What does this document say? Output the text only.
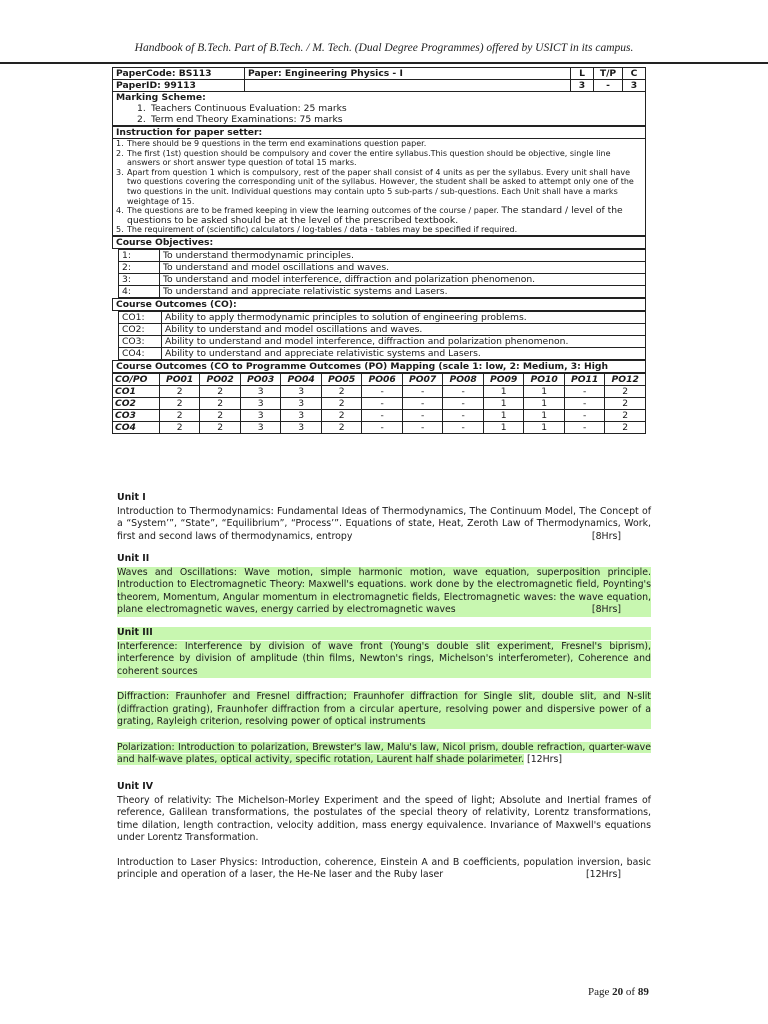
Handbook of B.Tech. Part of B.Tech. / M. Tech. (Dual Degree Programmes) offered by USICT in its campus.
PaperCode: BS113	Paper: Engineering Physics - I	L	T/P	C
PaperID: 99113		3	-	3
Marking Scheme:
1. Teachers Continuous Evaluation: 25 marks
2. Term end Theory Examinations: 75 marks
Instruction for paper setter:
1. There should be 9 questions in the term end examinations question paper.
2. The first (1st) question should be compulsory and cover the entire syllabus.This question should be objective, single line answers or short answer type question of total 15 marks.
3. Apart from question 1 which is compulsory, rest of the paper shall consist of 4 units as per the syllabus. Every unit shall have two questions covering the corresponding unit of the syllabus. However, the student shall be asked to attempt only one of the two questions in the unit. Individual questions may contain upto 5 sub-parts / sub-questions. Each Unit shall have a marks weightage of 15.
4. The questions are to be framed keeping in view the learning outcomes of the course / paper. The standard / level of the questions to be asked should be at the level of the prescribed textbook.
5. The requirement of (scientific) calculators / log-tables / data - tables may be specified if required.
Course Objectives:
1:	To understand thermodynamic principles.
2:	To understand and model oscillations and waves.
3:	To understand and model interference, diffraction and polarization phenomenon.
4:	To understand and appreciate relativistic systems and Lasers.
Course Outcomes (CO):
CO1:	Ability to apply thermodynamic principles to solution of engineering problems.
CO2:	Ability to understand and model oscillations and waves.
CO3:	Ability to understand and model interference, diffraction and polarization phenomenon.
CO4:	Ability to understand and appreciate relativistic systems and Lasers.
Course Outcomes (CO to Programme Outcomes (PO) Mapping (scale 1: low, 2: Medium, 3: High
CO/PO	PO01	PO02	PO03	PO04	PO05	PO06	PO07	PO08	PO09	PO10	PO11	PO12
CO1	2	2	3	3	2	-	-	-	1	1	-	2
CO2	2	2	3	3	2	-	-	-	1	1	-	2
CO3	2	2	3	3	2	-	-	-	1	1	-	2
CO4	2	2	3	3	2	-	-	-	1	1	-	2
Unit I

Introduction to Thermodynamics: Fundamental Ideas of Thermodynamics, The Continuum Model, The Concept of a “System’”, “State”, “Equilibrium”, “Process’”. Equations of state, Heat, Zeroth Law of Thermodynamics, Work, first and second laws of thermodynamics, entropy	[8Hrs]

Unit II

Waves and Oscillations: Wave motion, simple harmonic motion, wave equation, superposition principle. Introduction to Electromagnetic Theory: Maxwell's equations. work done by the electromagnetic field, Poynting's theorem, Momentum, Angular momentum in electromagnetic fields, Electromagnetic waves: the wave equation, plane electromagnetic waves, energy carried by electromagnetic waves	[8Hrs]

Unit III

Interference: Interference by division of wave front (Young's double slit experiment, Fresnel's biprism), interference by division of amplitude (thin films, Newton's rings, Michelson's interferometer), Coherence and coherent sources

Diffraction: Fraunhofer and Fresnel diffraction; Fraunhofer diffraction for Single slit, double slit, and N-slit (diffraction grating), Fraunhofer diffraction from a circular aperture, resolving power and dispersive power of a grating, Rayleigh criterion, resolving power of optical instruments

Polarization: Introduction to polarization, Brewster's law, Malu's law, Nicol prism, double refraction, quarter-wave and half-wave plates, optical activity, specific rotation, Laurent half shade polarimeter. [12Hrs]

Unit IV

Theory of relativity: The Michelson-Morley Experiment and the speed of light; Absolute and Inertial frames of reference, Galilean transformations, the postulates of the special theory of relativity, Lorentz transformations, time dilation, length contraction, velocity addition, mass energy equivalence. Invariance of Maxwell's equations under Lorentz Transformation.

Introduction to Laser Physics: Introduction, coherence, Einstein A and B coefficients, population inversion, basic principle and operation of a laser, the He-Ne laser and the Ruby laser	[12Hrs]

Page 20 of 89
